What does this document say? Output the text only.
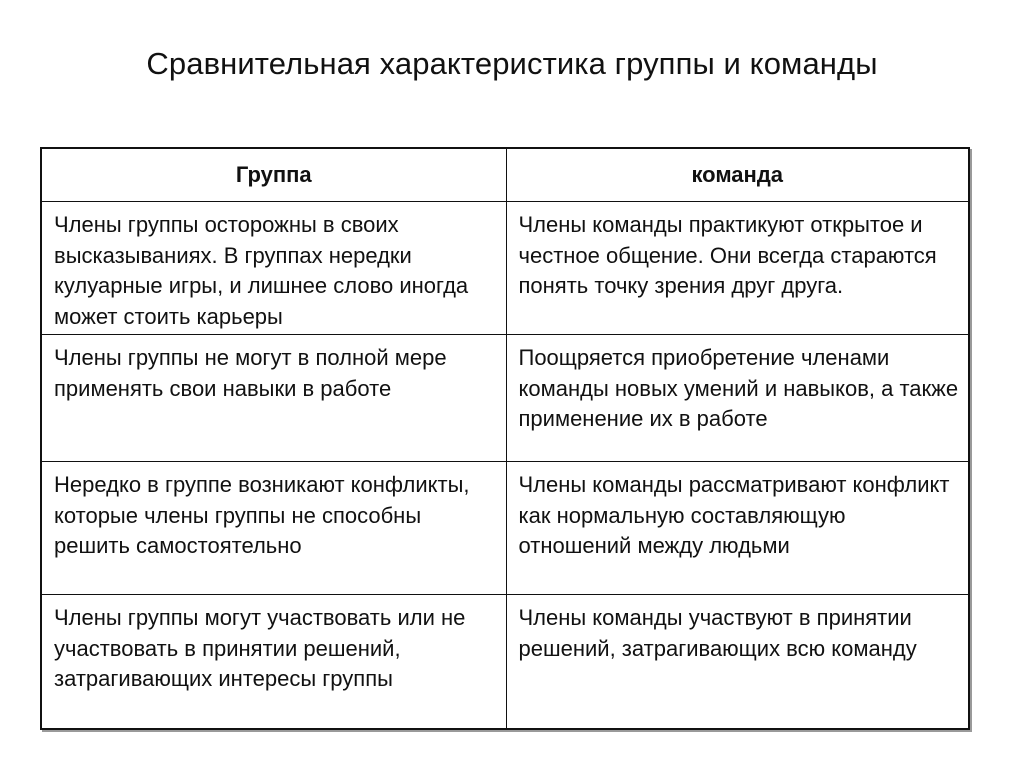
Сравнительная характеристика группы и команды
Группа	команда
Члены группы осторожны в своих высказываниях. В группах нередки кулуарные игры, и лишнее слово иногда может стоить карьеры	Члены команды практикуют открытое и честное общение. Они всегда стараются понять точку зрения друг друга.
Члены группы не могут в полной мере применять свои навыки в работе	Поощряется приобретение членами команды новых умений и навыков, а также применение их в работе
Нередко в группе возникают конфликты, которые члены группы не способны решить самостоятельно	Члены команды рассматривают конфликт как нормальную составляющую отношений между людьми
Члены группы могут участвовать или не участвовать в принятии решений, затрагивающих интересы группы	Члены команды участвуют в принятии решений, затрагивающих всю команду
